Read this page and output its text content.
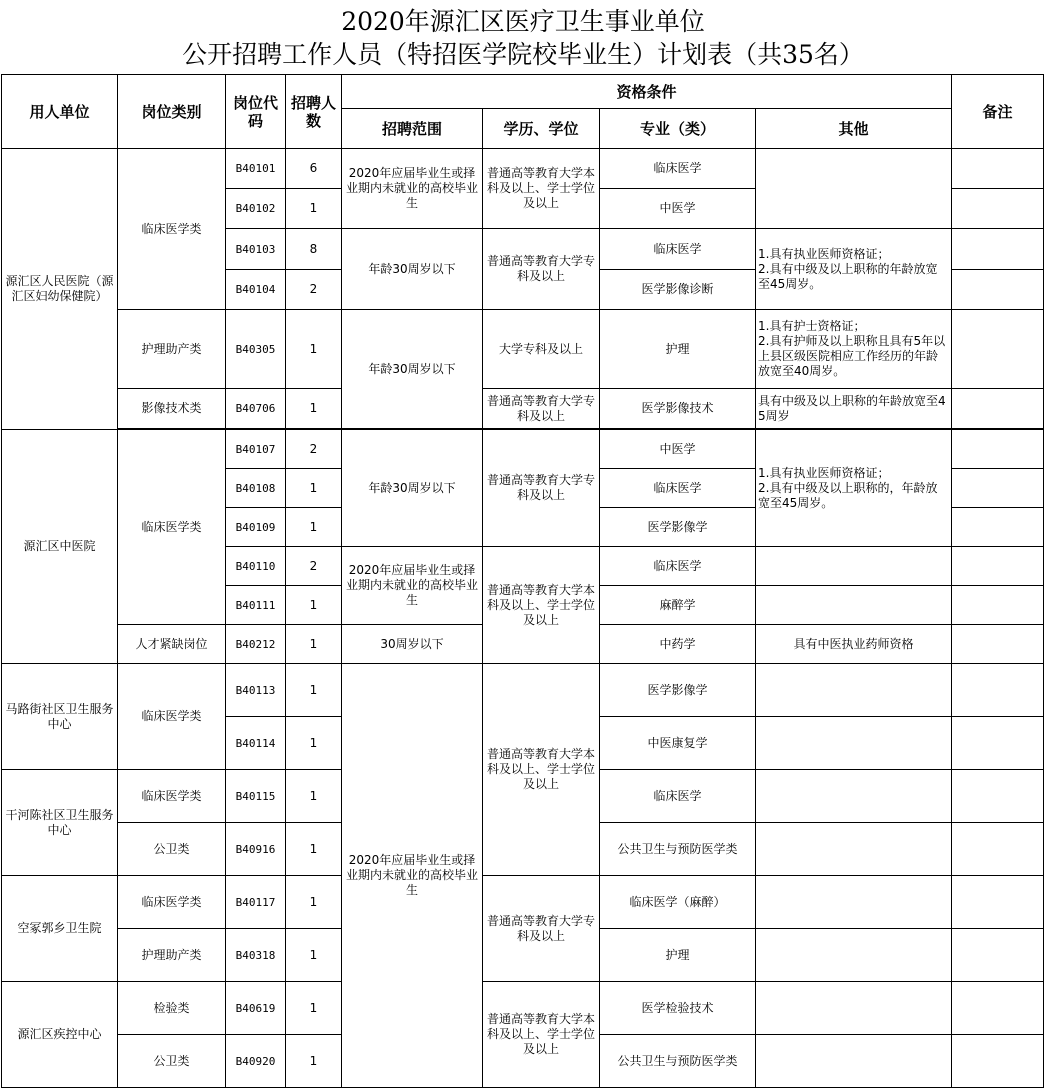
2020年源汇区医疗卫生事业单位
公开招聘工作人员（特招医学院校毕业生）计划表（共35名）
用人单位	岗位类别	岗位代码	招聘人数	资格条件				备注
				招聘范围	学历、学位	专业（类）	其他	
源汇区人民医院（源汇区妇幼保健院）	临床医学类	B40101	6	2020年应届毕业生或择业期内未就业的高校毕业生	普通高等教育大学本科及以上、学士学位及以上	临床医学		
		B40102	1			中医学		
		B40103	8	年龄30周岁以下	普通高等教育大学专科及以上	临床医学	1.具有执业医师资格证；
2.具有中级及以上职称的年龄放宽至45周岁。	
		B40104	2			医学影像诊断		
	护理助产类	B40305	1	年龄30周岁以下	大学专科及以上	护理	1.具有护士资格证；
2.具有护师及以上职称且具有5年以上县区级医院相应工作经历的年龄放宽至40周岁。	
	影像技术类	B40706	1		普通高等教育大学专科及以上	医学影像技术	具有中级及以上职称的年龄放宽至45周岁	

源汇区中医院	临床医学类	B40107	2	年龄30周岁以下	普通高等教育大学专科及以上	中医学	1.具有执业医师资格证；
2.具有中级及以上职称的，年龄放宽至45周岁。	
		B40108	1			临床医学		
		B40109	1			医学影像学		
		B40110	2	2020年应届毕业生或择业期内未就业的高校毕业生	普通高等教育大学本科及以上、学士学位及以上	临床医学		
		B40111	1			麻醉学		
	人才紧缺岗位	B40212	1	30周岁以下		中药学	具有中医执业药师资格	
马路街社区卫生服务中心	临床医学类	B40113	1	2020年应届毕业生或择业期内未就业的高校毕业生	普通高等教育大学本科及以上、学士学位及以上	医学影像学		
		B40114	1			中医康复学		
干河陈社区卫生服务中心	临床医学类	B40115	1			临床医学		
	公卫类	B40916	1			公共卫生与预防医学类		
空冢郭乡卫生院	临床医学类	B40117	1		普通高等教育大学专科及以上	临床医学（麻醉）		
	护理助产类	B40318	1			护理		
源汇区疾控中心	检验类	B40619	1		普通高等教育大学本科及以上、学士学位及以上	医学检验技术		
	公卫类	B40920	1			公共卫生与预防医学类		
